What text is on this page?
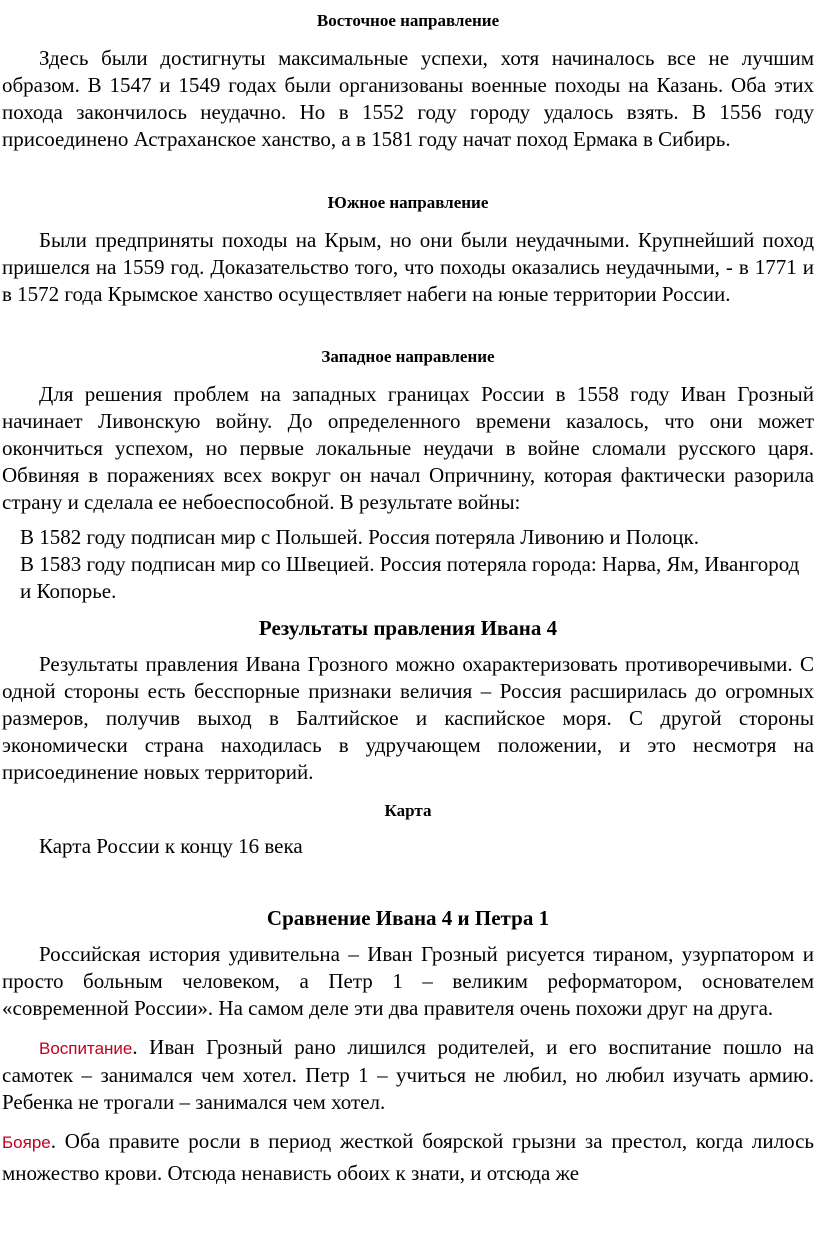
Восточное направление

Здесь были достигнуты максимальные успехи, хотя начиналось все не лучшим образом. В 1547 и 1549 годах были организованы военные походы на Казань. Оба этих похода закончилось неудачно. Но в 1552 году городу удалось взять. В 1556 году присоединено Астраханское ханство, а в 1581 году начат поход Ермака в Сибирь.

Южное направление

Были предприняты походы на Крым, но они были неудачными. Крупнейший поход пришелся на 1559 год. Доказательство того, что походы оказались неудачными, - в 1771 и в 1572 года Крымское ханство осуществляет набеги на юные территории России.

Западное направление

Для решения проблем на западных границах России в 1558 году Иван Грозный начинает Ливонскую войну. До определенного времени казалось, что они может окончиться успехом, но первые локальные неудачи в войне сломали русского царя. Обвиняя в поражениях всех вокруг он начал Опричнину, которая фактически разорила страну и сделала ее небоеспособной. В результате войны:

В 1582 году подписан мир с Польшей. Россия потеряла Ливонию и Полоцк.
В 1583 году подписан мир со Швецией. Россия потеряла города: Нарва, Ям, Ивангород и Копорье.
Результаты правления Ивана 4

Результаты правления Ивана Грозного можно охарактеризовать противоречивыми. С одной стороны есть бесспорные признаки величия – Россия расширилась до огромных размеров, получив выход в Балтийское и каспийское моря. С другой стороны экономически страна находилась в удручающем положении, и это несмотря на присоединение новых территорий.

Карта

Карта России к концу 16 века

Сравнение Ивана 4 и Петра 1

Российская история удивительна – Иван Грозный рисуется тираном, узурпатором и просто больным человеком, а Петр 1 – великим реформатором, основателем «современной России». На самом деле эти два правителя очень похожи друг на друга.

Воспитание. Иван Грозный рано лишился родителей, и его воспитание пошло на самотек – занимался чем хотел. Петр 1 – учиться не любил, но любил изучать армию. Ребенка не трогали – занимался чем хотел.

Бояре. Оба правите росли в период жесткой боярской грызни за престол, когда лилось множество крови. Отсюда ненависть обоих к знати, и отсюда же
